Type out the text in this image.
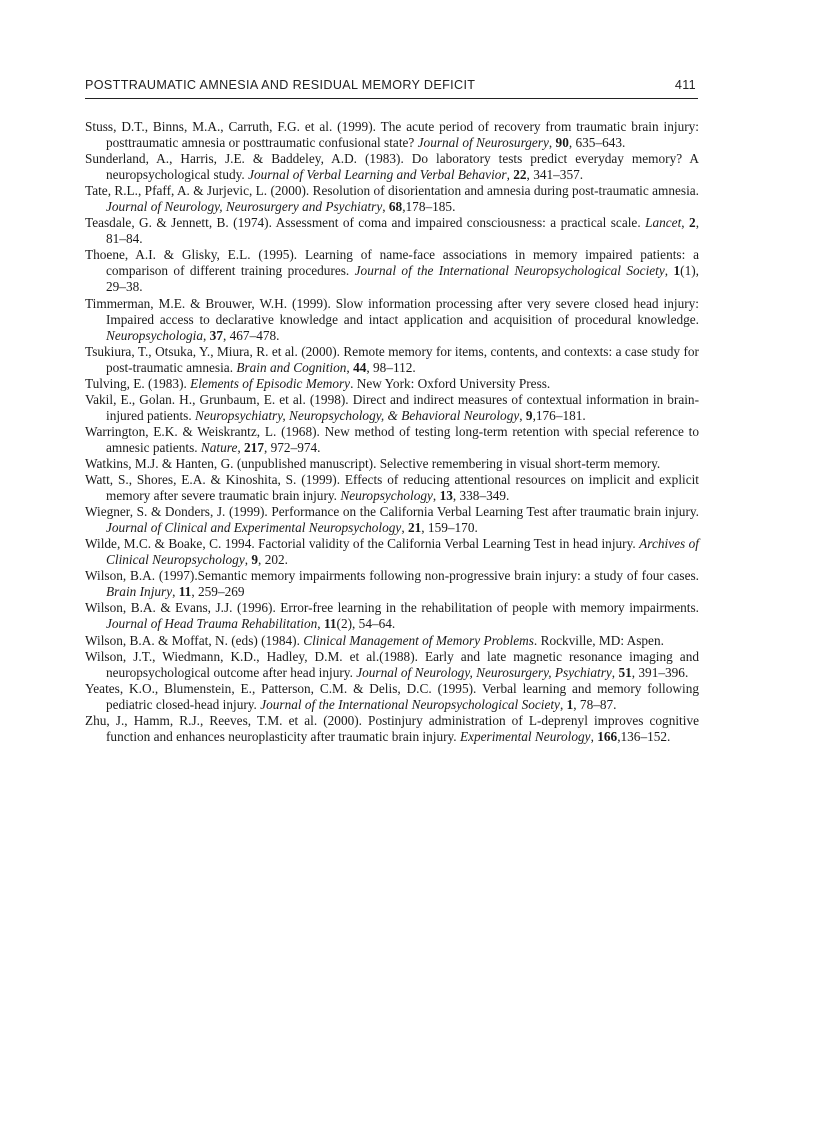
POSTTRAUMATIC AMNESIA AND RESIDUAL MEMORY DEFICIT	411

Stuss, D.T., Binns, M.A., Carruth, F.G. et al. (1999). The acute period of recovery from traumatic brain injury: posttraumatic amnesia or posttraumatic confusional state? Journal of Neurosurgery, 90, 635–643.

Sunderland, A., Harris, J.E. & Baddeley, A.D. (1983). Do laboratory tests predict everyday memory? A neuropsychological study. Journal of Verbal Learning and Verbal Behavior, 22, 341–357.

Tate, R.L., Pfaff, A. & Jurjevic, L. (2000). Resolution of disorientation and amnesia during post-traumatic amnesia. Journal of Neurology, Neurosurgery and Psychiatry, 68,178–185.

Teasdale, G. & Jennett, B. (1974). Assessment of coma and impaired consciousness: a practical scale. Lancet, 2, 81–84.

Thoene, A.I. & Glisky, E.L. (1995). Learning of name-face associations in memory impaired patients: a comparison of different training procedures. Journal of the International Neuropsychological Society, 1(1), 29–38.

Timmerman, M.E. & Brouwer, W.H. (1999). Slow information processing after very severe closed head injury: Impaired access to declarative knowledge and intact application and acquisition of procedural knowledge. Neuropsychologia, 37, 467–478.

Tsukiura, T., Otsuka, Y., Miura, R. et al. (2000). Remote memory for items, contents, and contexts: a case study for post-traumatic amnesia. Brain and Cognition, 44, 98–112.

Tulving, E. (1983). Elements of Episodic Memory. New York: Oxford University Press.

Vakil, E., Golan. H., Grunbaum, E. et al. (1998). Direct and indirect measures of contextual information in brain-injured patients. Neuropsychiatry, Neuropsychology, & Behavioral Neurology, 9,176–181.

Warrington, E.K. & Weiskrantz, L. (1968). New method of testing long-term retention with special reference to amnesic patients. Nature, 217, 972–974.

Watkins, M.J. & Hanten, G. (unpublished manuscript). Selective remembering in visual short-term memory.

Watt, S., Shores, E.A. & Kinoshita, S. (1999). Effects of reducing attentional resources on implicit and explicit memory after severe traumatic brain injury. Neuropsychology, 13, 338–349.

Wiegner, S. & Donders, J. (1999). Performance on the California Verbal Learning Test after traumatic brain injury. Journal of Clinical and Experimental Neuropsychology, 21, 159–170.

Wilde, M.C. & Boake, C. 1994. Factorial validity of the California Verbal Learning Test in head injury. Archives of Clinical Neuropsychology, 9, 202.

Wilson, B.A. (1997).Semantic memory impairments following non-progressive brain injury: a study of four cases. Brain Injury, 11, 259–269

Wilson, B.A. & Evans, J.J. (1996). Error-free learning in the rehabilitation of people with memory impairments. Journal of Head Trauma Rehabilitation, 11(2), 54–64.

Wilson, B.A. & Moffat, N. (eds) (1984). Clinical Management of Memory Problems. Rockville, MD: Aspen.

Wilson, J.T., Wiedmann, K.D., Hadley, D.M. et al.(1988). Early and late magnetic resonance imaging and neuropsychological outcome after head injury. Journal of Neurology, Neurosurgery, Psychiatry, 51, 391–396.

Yeates, K.O., Blumenstein, E., Patterson, C.M. & Delis, D.C. (1995). Verbal learning and memory following pediatric closed-head injury. Journal of the International Neuropsychological Society, 1, 78–87.

Zhu, J., Hamm, R.J., Reeves, T.M. et al. (2000). Postinjury administration of L-deprenyl improves cognitive function and enhances neuroplasticity after traumatic brain injury. Experimental Neurology, 166,136–152.
